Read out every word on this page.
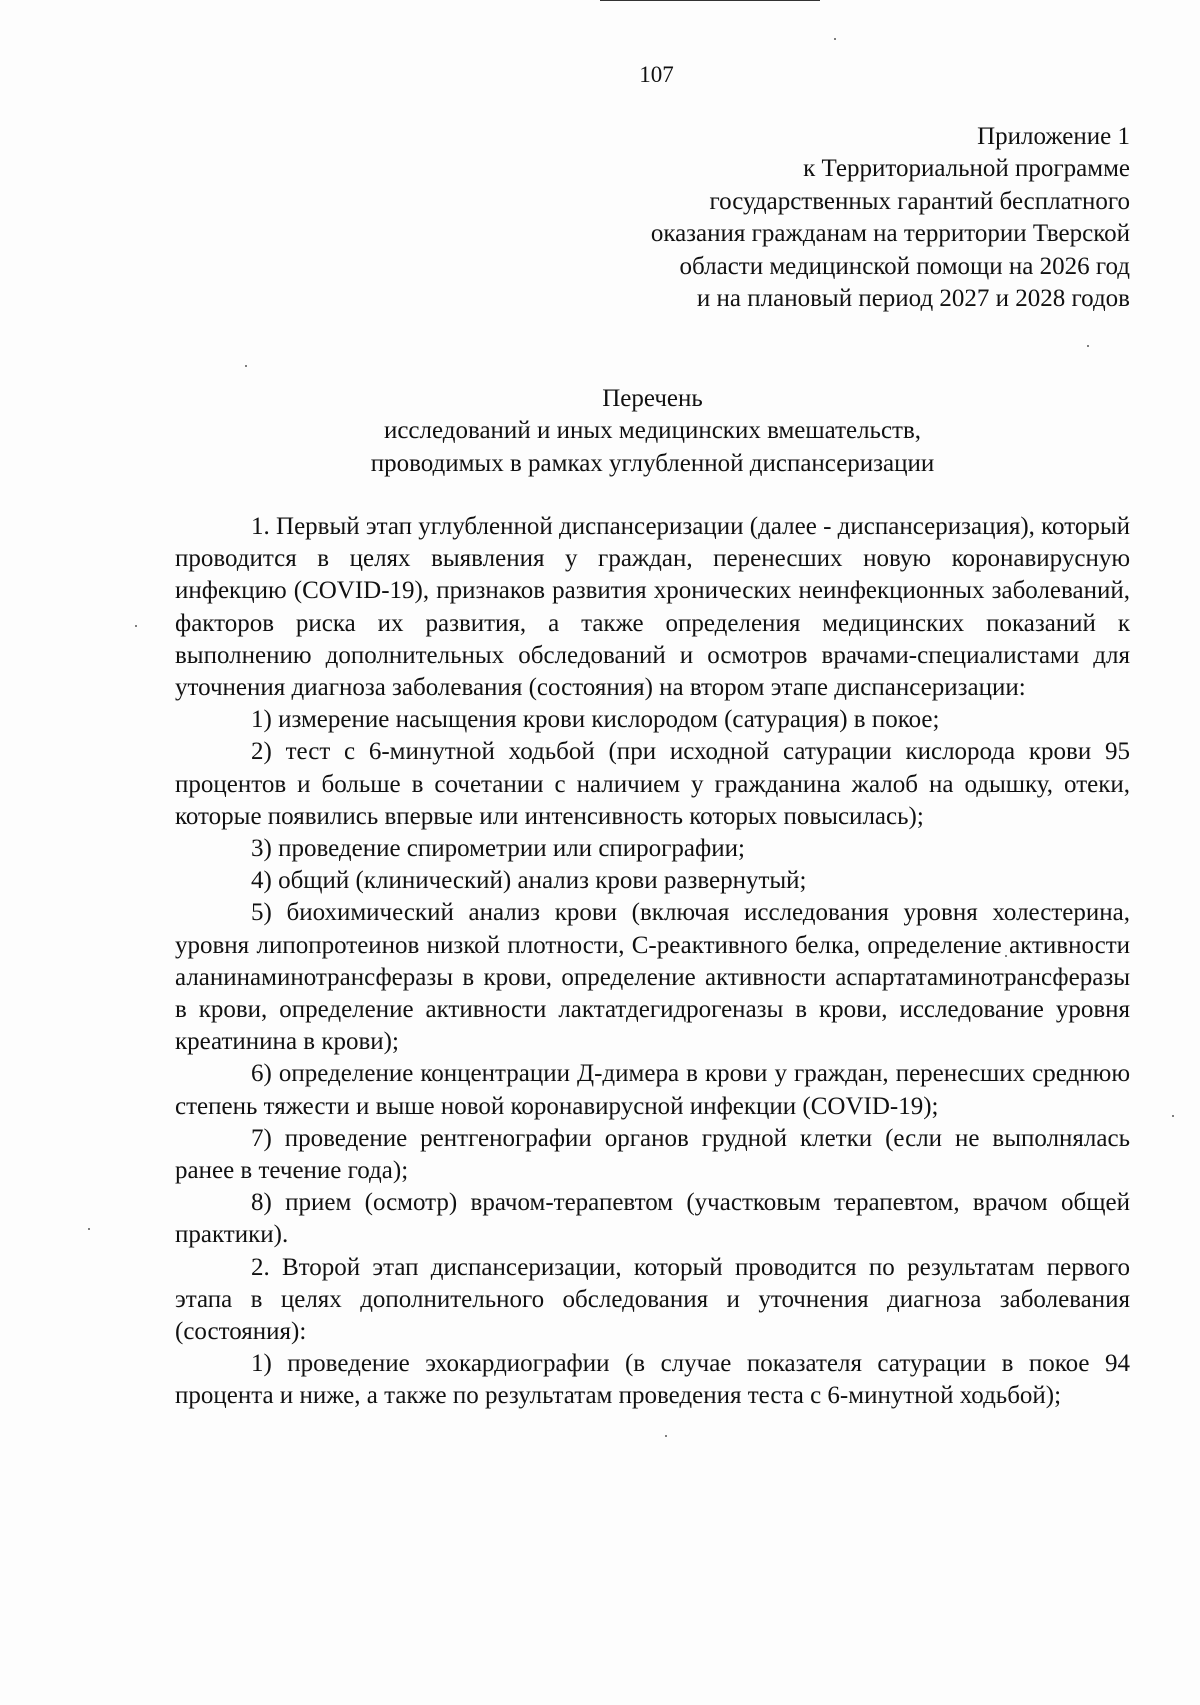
107
Приложение 1
к Территориальной программе
государственных гарантий бесплатного
оказания гражданам на территории Тверской
области медицинской помощи на 2026 год
и на плановый период 2027 и 2028 годов
Перечень
исследований и иных медицинских вмешательств,
проводимых в рамках углубленной диспансеризации

1. Первый этап углубленной диспансеризации (далее - диспансеризация), который проводится в целях выявления у граждан, перенесших новую коронавирусную инфекцию (COVID-19), признаков развития хронических неинфекционных заболеваний, факторов риска их развития, а также определения медицинских показаний к выполнению дополнительных обследований и осмотров врачами-специалистами для уточнения диагноза заболевания (состояния) на втором этапе диспансеризации:

1) измерение насыщения крови кислородом (сатурация) в покое;

2) тест с 6-минутной ходьбой (при исходной сатурации кислорода крови 95 процентов и больше в сочетании с наличием у гражданина жалоб на одышку, отеки, которые появились впервые или интенсивность которых повысилась);

3) проведение спирометрии или спирографии;

4) общий (клинический) анализ крови развернутый;

5) биохимический анализ крови (включая исследования уровня холестерина, уровня липопротеинов низкой плотности, С-реактивного белка, определение активности аланинаминотрансферазы в крови, определение активности аспартатаминотрансферазы в крови, определение активности лактатдегидрогеназы в крови, исследование уровня креатинина в крови);

6) определение концентрации Д-димера в крови у граждан, перенесших среднюю степень тяжести и выше новой коронавирусной инфекции (COVID-19);

7) проведение рентгенографии органов грудной клетки (если не выполнялась ранее в течение года);

8) прием (осмотр) врачом-терапевтом (участковым терапевтом, врачом общей практики).

2. Второй этап диспансеризации, который проводится по результатам первого этапа в целях дополнительного обследования и уточнения диагноза заболевания (состояния):

1) проведение эхокардиографии (в случае показателя сатурации в покое 94 процента и ниже, а также по результатам проведения теста с 6-минутной ходьбой);
